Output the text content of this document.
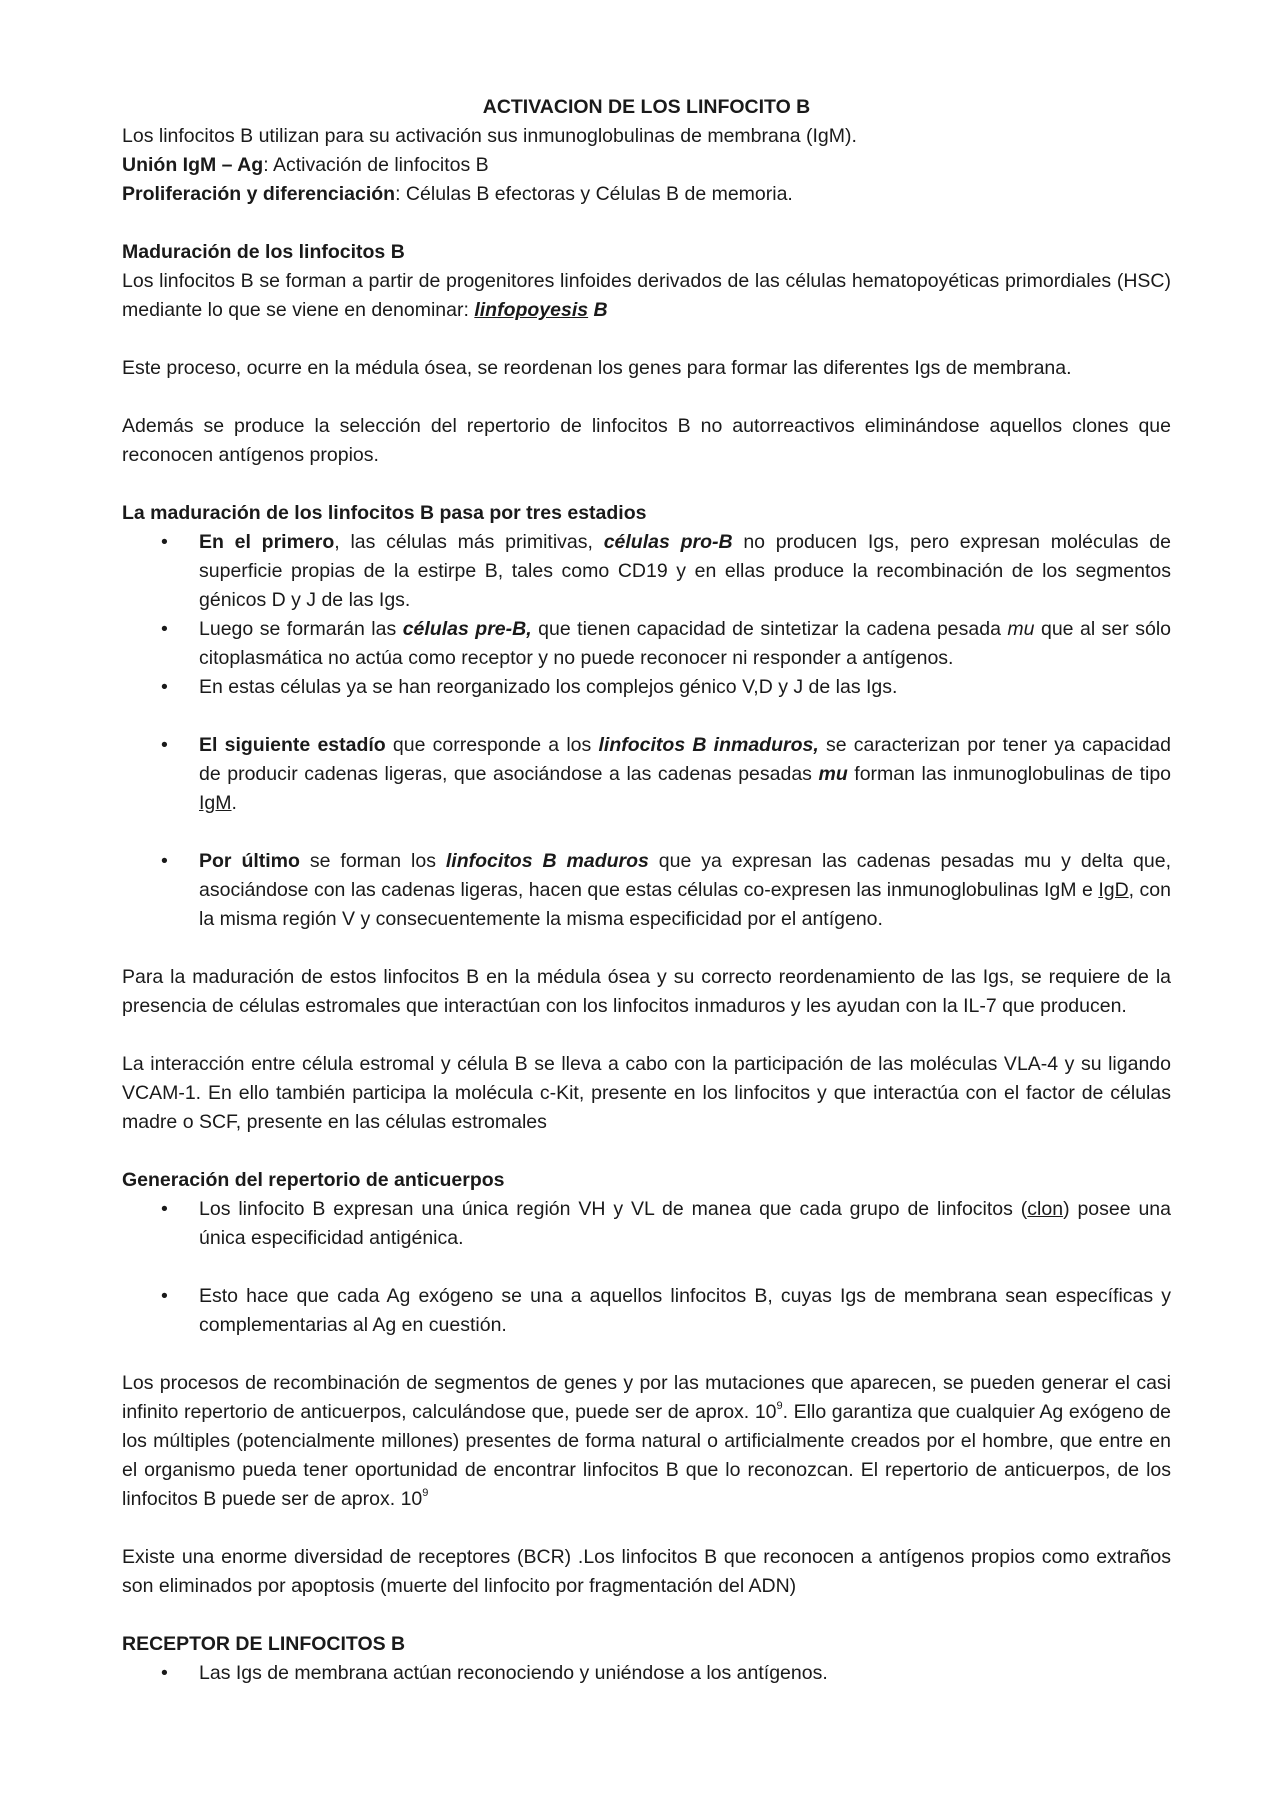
ACTIVACION DE LOS LINFOCITO B

Los linfocitos B utilizan para su activación sus inmunoglobulinas de membrana (IgM).

Unión IgM – Ag: Activación de linfocitos B

Proliferación y diferenciación: Células B efectoras y Células B de memoria.

Maduración de los linfocitos B

Los linfocitos B se forman a partir de progenitores linfoides derivados de las células hematopoyéticas primordiales (HSC) mediante lo que se viene en denominar: linfopoyesis B

Este proceso, ocurre en la médula ósea, se reordenan los genes para formar las diferentes Igs de membrana.

Además se produce la selección del repertorio de linfocitos B no autorreactivos eliminándose aquellos clones que reconocen antígenos propios.

La maduración de los linfocitos B pasa por tres estadios

• En el primero, las células más primitivas, células pro-B no producen Igs, pero expresan moléculas de superficie propias de la estirpe B, tales como CD19 y en ellas produce la recombinación de los segmentos génicos D y J de las Igs.
• Luego se formarán las células pre-B, que tienen capacidad de sintetizar la cadena pesada mu que al ser sólo citoplasmática no actúa como receptor y no puede reconocer ni responder a antígenos.
• En estas células ya se han reorganizado los complejos génico V,D y J de las Igs.
• El siguiente estadío que corresponde a los linfocitos B inmaduros, se caracterizan por tener ya capacidad de producir cadenas ligeras, que asociándose a las cadenas pesadas mu forman las inmunoglobulinas de tipo IgM.
• Por último se forman los linfocitos B maduros que ya expresan las cadenas pesadas mu y delta que, asociándose con las cadenas ligeras, hacen que estas células co-expresen las inmunoglobulinas IgM e IgD, con la misma región V y consecuentemente la misma especificidad por el antígeno.

Para la maduración de estos linfocitos B en la médula ósea y su correcto reordenamiento de las Igs, se requiere de la presencia de células estromales que interactúan con los linfocitos inmaduros y les ayudan con la IL-7 que producen.

La interacción entre célula estromal y célula B se lleva a cabo con la participación de las moléculas VLA-4 y su ligando VCAM-1. En ello también participa la molécula c-Kit, presente en los linfocitos y que interactúa con el factor de células madre o SCF, presente en las células estromales

Generación del repertorio de anticuerpos

• Los linfocito B expresan una única región VH y VL de manea que cada grupo de linfocitos (clon) posee una única especificidad antigénica.
• Esto hace que cada Ag exógeno se una a aquellos linfocitos B, cuyas Igs de membrana sean específicas y complementarias al Ag en cuestión.

Los procesos de recombinación de segmentos de genes y por las mutaciones que aparecen, se pueden generar el casi infinito repertorio de anticuerpos, calculándose que, puede ser de aprox. $10^9$. Ello garantiza que cualquier Ag exógeno de los múltiples (potencialmente millones) presentes de forma natural o artificialmente creados por el hombre, que entre en el organismo pueda tener oportunidad de encontrar linfocitos B que lo reconozcan. El repertorio de anticuerpos, de los linfocitos B puede ser de aprox. $10^9$

Existe una enorme diversidad de receptores (BCR) .Los linfocitos B que reconocen a antígenos propios como extraños son eliminados por apoptosis (muerte del linfocito por fragmentación del ADN)

RECEPTOR DE LINFOCITOS B

• Las Igs de membrana actúan reconociendo y uniéndose a los antígenos.
